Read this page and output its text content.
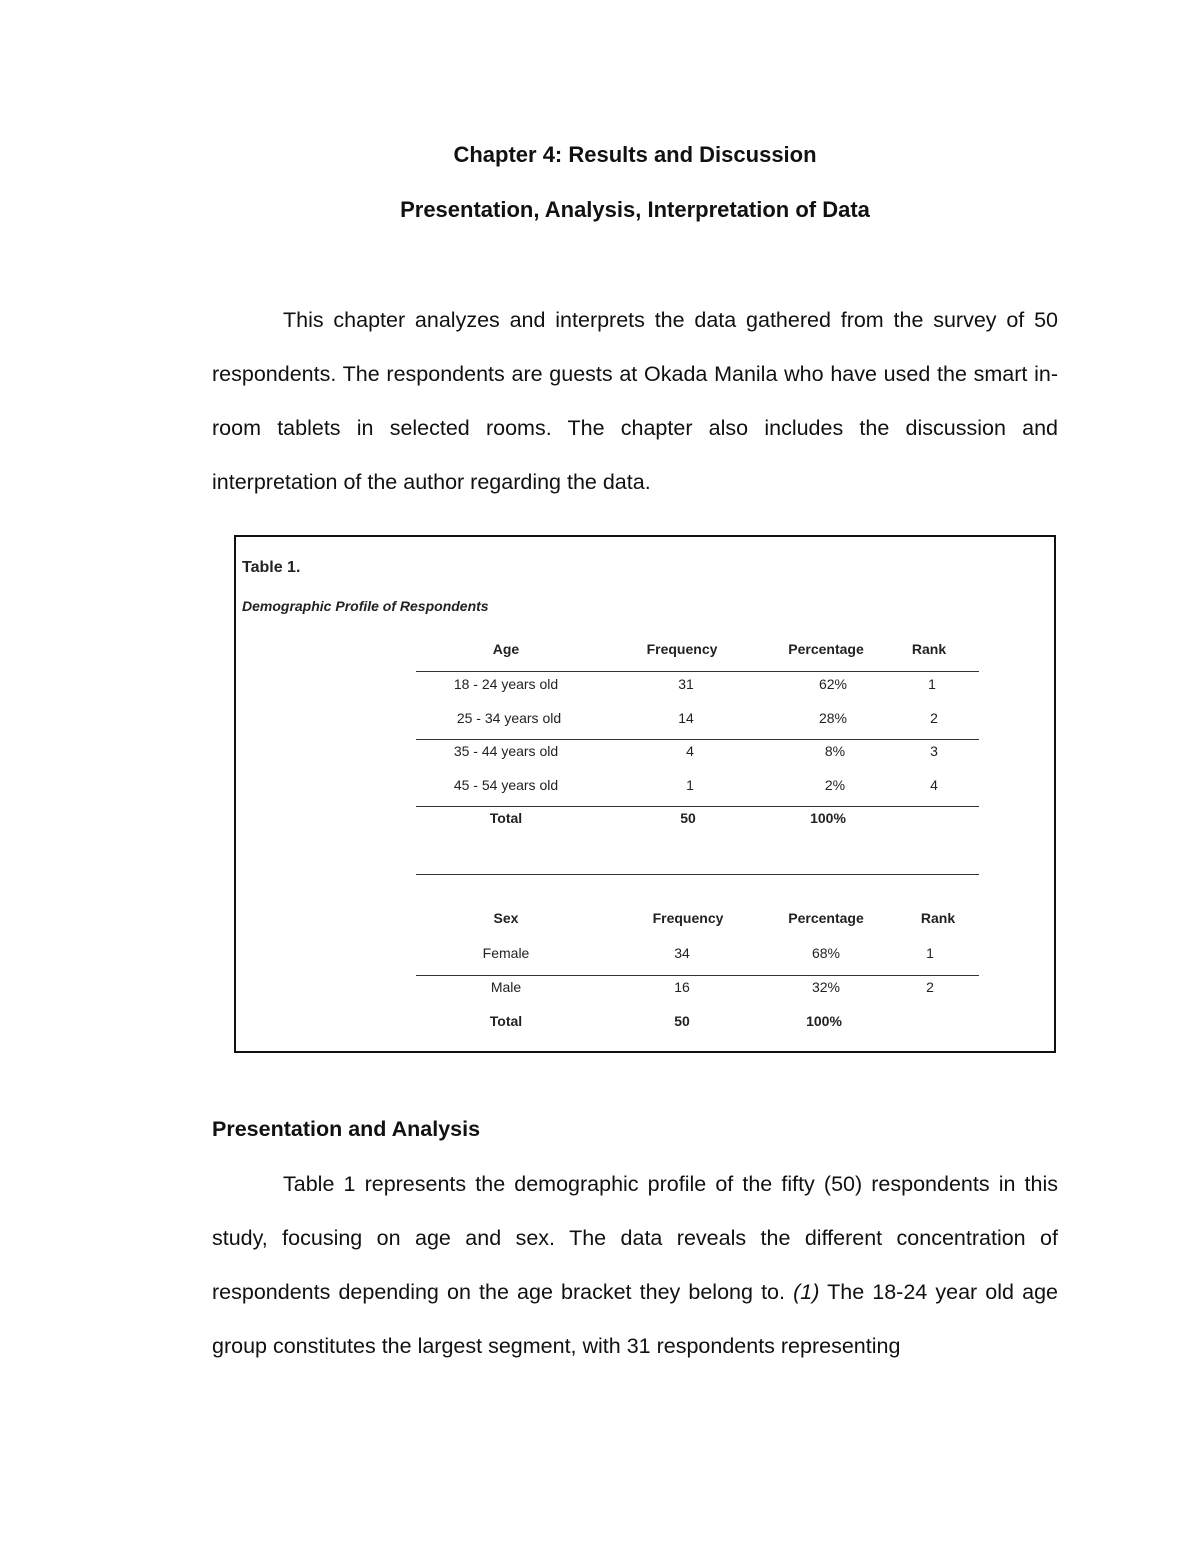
Chapter 4: Results and Discussion
Presentation, Analysis, Interpretation of Data

This chapter analyzes and interprets the data gathered from the survey of 50 respondents. The respondents are guests at Okada Manila who have used the smart in-room tablets in selected rooms. The chapter also includes the discussion and interpretation of the author regarding the data.

Table 1.
Demographic Profile of Respondents
Age	Frequency	Percentage	Rank
18 - 24 years old	31	62%	1
25 - 34 years old	14	28%	2
35 - 44 years old	4	8%	3
45 - 54 years old	1	2%	4
Total	50	100%
Sex	Frequency	Percentage	Rank
Female	34	68%	1
Male	16	32%	2
Total	50	100%
Presentation and Analysis

Table 1 represents the demographic profile of the fifty (50) respondents in this study, focusing on age and sex. The data reveals the different concentration of respondents depending on the age bracket they belong to. (1) The 18-24 year old age group constitutes the largest segment, with 31 respondents representing
